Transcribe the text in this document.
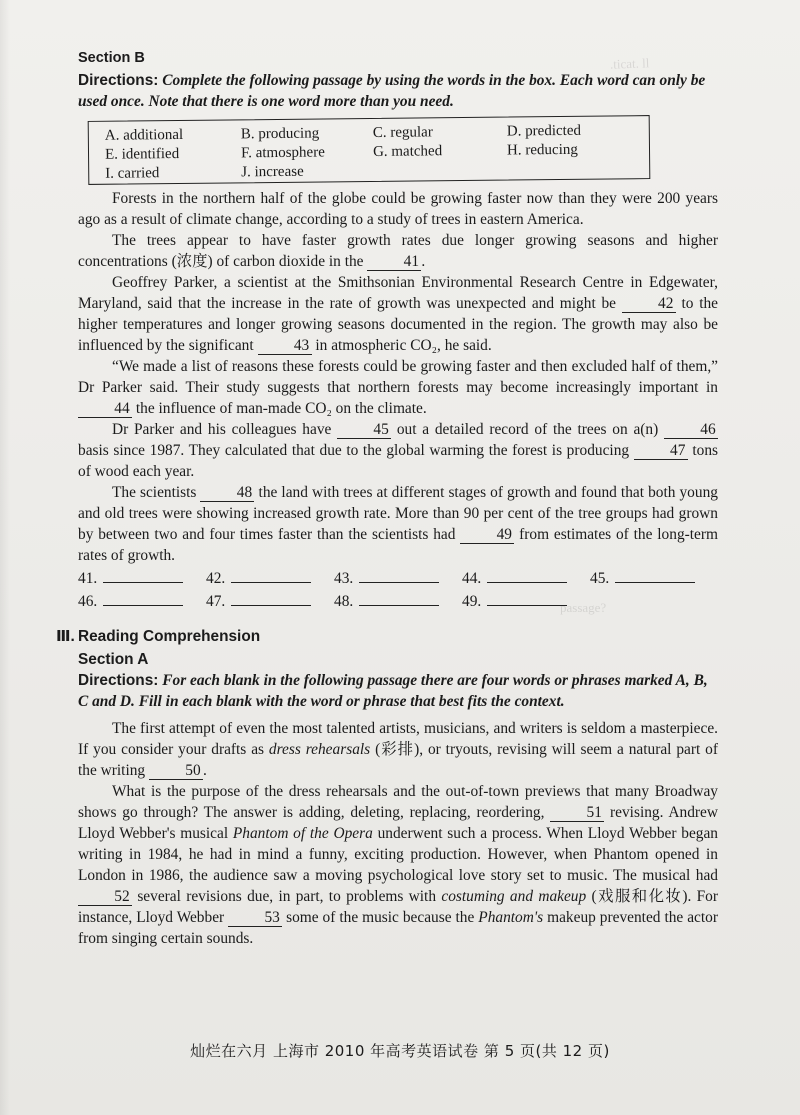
.ticat. ll
passage?
Section B
Directions: Complete the following passage by using the words in the box. Each word can only be used once. Note that there is one word more than you need.
A. additional	B. producing	C. regular	D. predicted
E. identified	F. atmosphere	G. matched	H. reducing
I. carried	J. increase

Forests in the northern half of the globe could be growing faster now than they were 200 years ago as a result of climate change, according to a study of trees in eastern America.

The trees appear to have faster growth rates due longer growing seasons and higher concentrations (浓度) of carbon dioxide in the	41 .

Geoffrey Parker, a scientist at the Smithsonian Environmental Research Centre in Edgewater, Maryland, said that the increase in the rate of growth was unexpected and might be	42 to the higher temperatures and longer growing seasons documented in the region. The growth may also be influenced by the significant	43 in atmospheric CO₂, he said.

“We made a list of reasons these forests could be growing faster and then excluded half of them,” Dr Parker said. Their study suggests that northern forests may become increasingly important in 44 the influence of man-made CO₂ on the climate.

Dr Parker and his colleagues have	45 out a detailed record of the trees on a(n)	46 basis since 1987. They calculated that due to the global warming the forest is producing	47 tons of wood each year.

The scientists	48 the land with trees at different stages of growth and found that both young and old trees were showing increased growth rate. More than 90 per cent of the tree groups had grown by between two and four times faster than the scientists had	49 from estimates of the long-term rates of growth.

41.	42.	43.	44.	45.
46.	47.	48.	49.
Ⅲ. Reading Comprehension
Section A
Directions: For each blank in the following passage there are four words or phrases marked A, B, C and D. Fill in each blank with the word or phrase that best fits the context.

The first attempt of even the most talented artists, musicians, and writers is seldom a masterpiece. If you consider your drafts as dress rehearsals (彩排), or tryouts, revising will seem a natural part of the writing	50 .

What is the purpose of the dress rehearsals and the out-of-town previews that many Broadway shows go through? The answer is adding, deleting, replacing, reordering,	51 revising. Andrew Lloyd Webber's musical Phantom of the Opera underwent such a process. When Lloyd Webber began writing in 1984, he had in mind a funny, exciting production. However, when Phantom opened in London in 1986, the audience saw a moving psychological love story set to music. The musical had 52 several revisions due, in part, to problems with costuming and makeup (戏服和化妆). For instance, Lloyd Webber	53 some of the music because the Phantom's makeup prevented the actor from singing certain sounds.

灿烂在六月 上海市 2010 年高考英语试卷 第 5 页(共 12 页)
